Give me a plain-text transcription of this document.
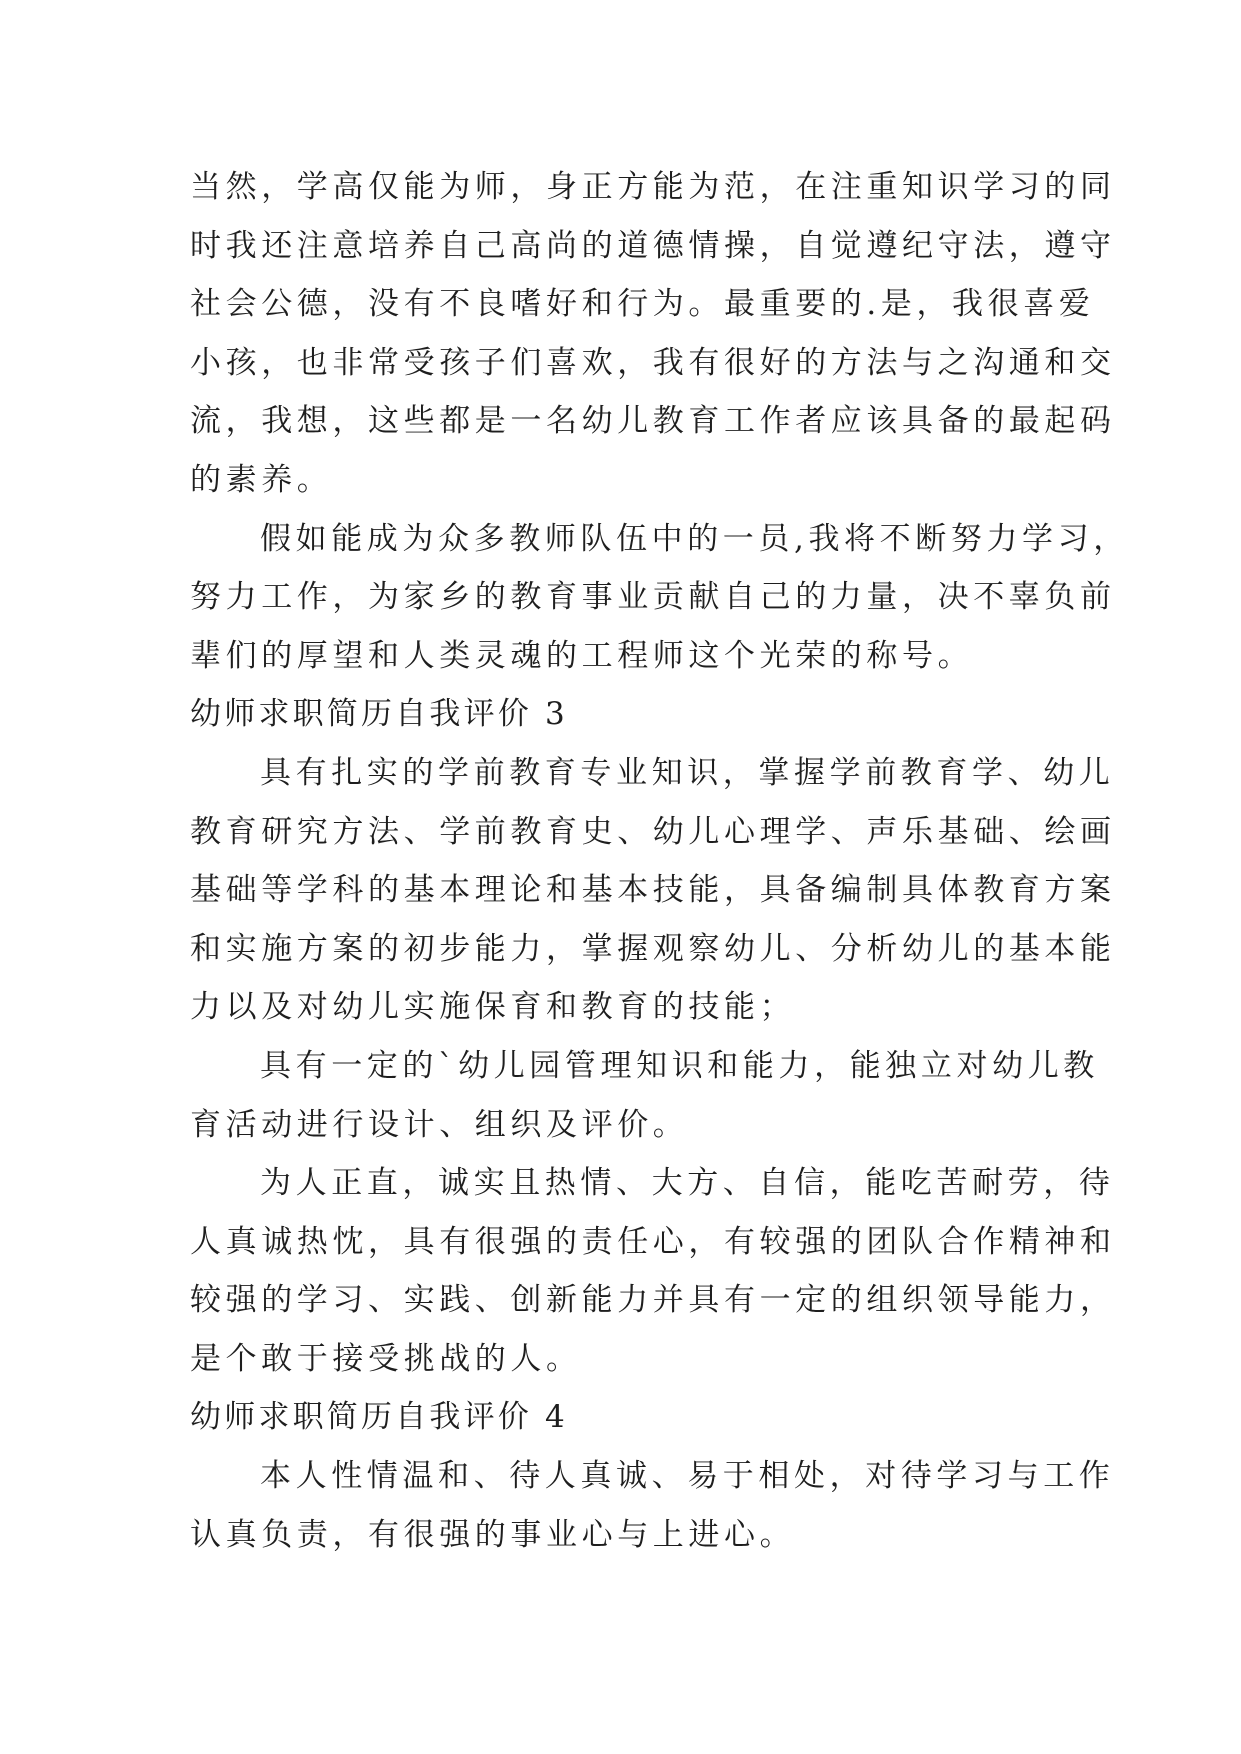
当然，学高仅能为师，身正方能为范，在注重知识学习的同
时我还注意培养自己高尚的道德情操，自觉遵纪守法，遵守
社会公德，没有不良嗜好和行为。最重要的.是，我很喜爱
小孩，也非常受孩子们喜欢，我有很好的方法与之沟通和交
流，我想，这些都是一名幼儿教育工作者应该具备的最起码
的素养。

假如能成为众多教师队伍中的一员,我将不断努力学习，
努力工作，为家乡的教育事业贡献自己的力量，决不辜负前
辈们的厚望和人类灵魂的工程师这个光荣的称号。

幼师求职简历自我评价 3

具有扎实的学前教育专业知识，掌握学前教育学、幼儿
教育研究方法、学前教育史、幼儿心理学、声乐基础、绘画
基础等学科的基本理论和基本技能，具备编制具体教育方案
和实施方案的初步能力，掌握观察幼儿、分析幼儿的基本能
力以及对幼儿实施保育和教育的技能；

具有一定的`幼儿园管理知识和能力，能独立对幼儿教
育活动进行设计、组织及评价。

为人正直，诚实且热情、大方、自信，能吃苦耐劳，待
人真诚热忱，具有很强的责任心，有较强的团队合作精神和
较强的学习、实践、创新能力并具有一定的组织领导能力，
是个敢于接受挑战的人。

幼师求职简历自我评价 4

本人性情温和、待人真诚、易于相处，对待学习与工作
认真负责，有很强的事业心与上进心。
